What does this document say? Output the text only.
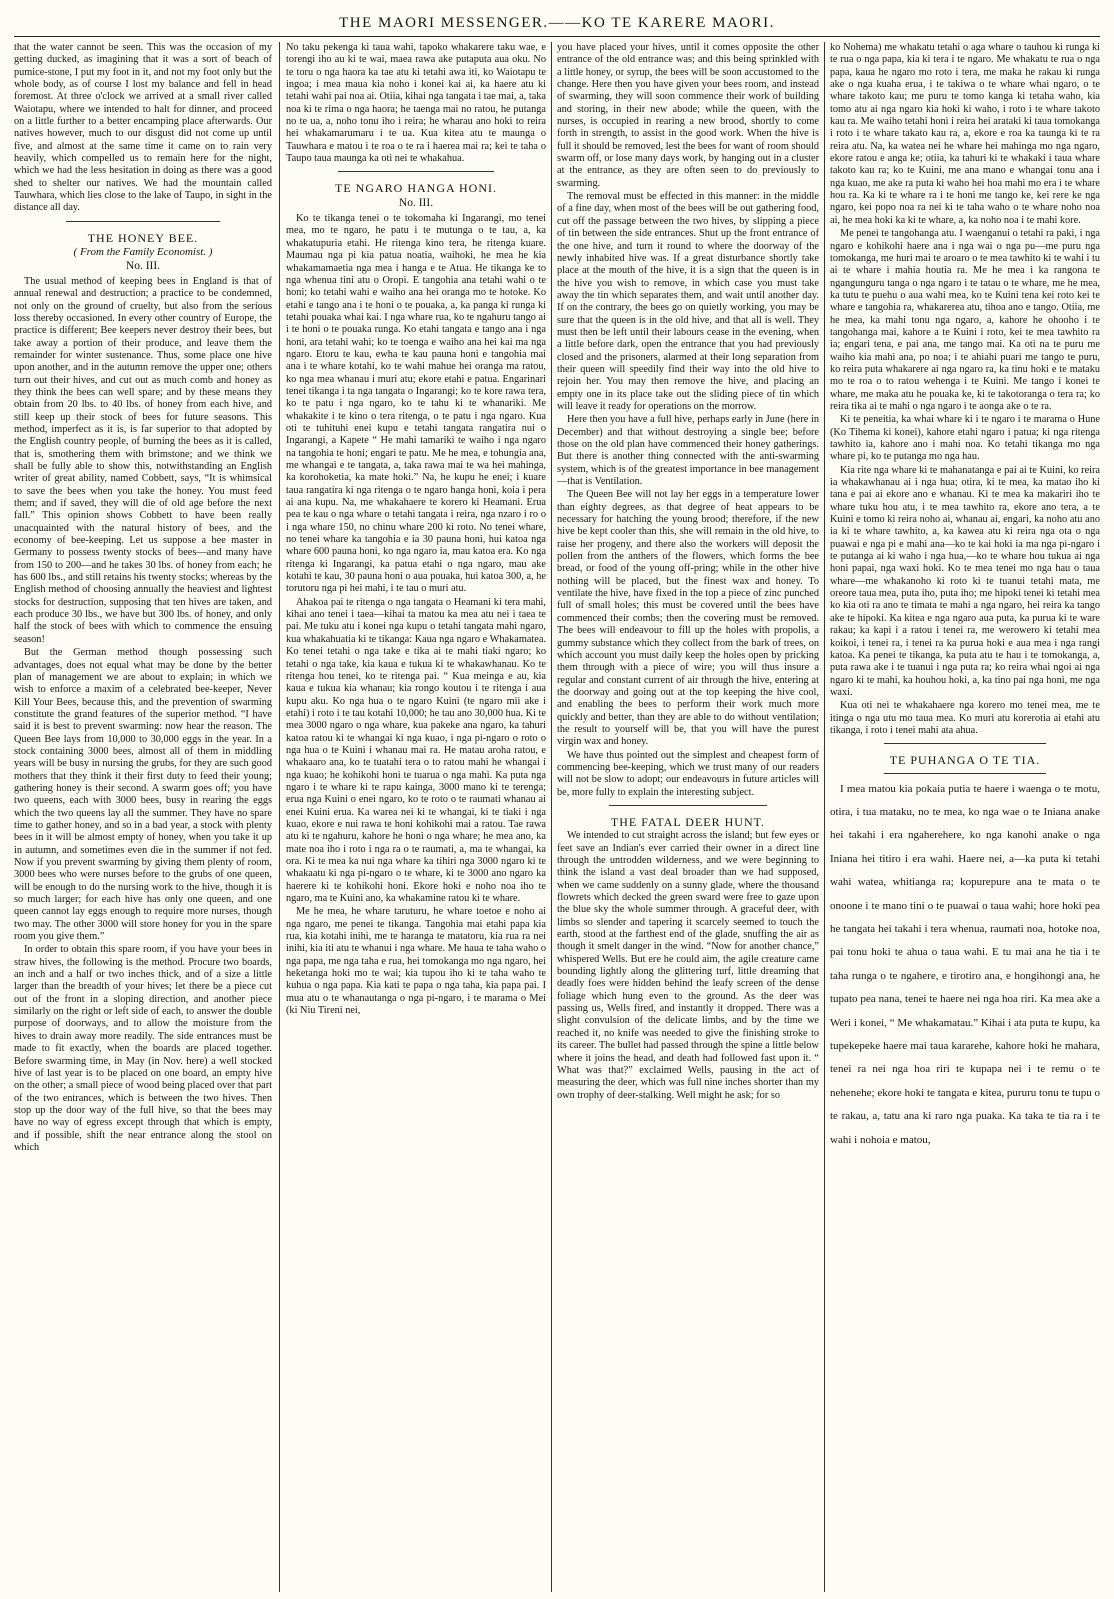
THE MAORI MESSENGER.——KO TE KARERE MAORI.

that the water cannot be seen. This was the occasion of my getting ducked, as imagining that it was a sort of beach of pumice-stone, I put my foot in it, and not my foot only but the whole body, as of course I lost my balance and fell in head foremost. At three o'clock we arrived at a small river called Waiotapu, where we intended to halt for dinner, and proceed on a little further to a better encamping place afterwards. Our natives however, much to our disgust did not come up until five, and almost at the same time it came on to rain very heavily, which compelled us to remain here for the night, which we had the less hesitation in doing as there was a good shed to shelter our natives. We had the mountain called Tauwhara, which lies close to the lake of Taupo, in sight in the distance all day.

THE HONEY BEE.
( From the Family Economist. )
No. III.

The usual method of keeping bees in England is that of annual renewal and destruction; a practice to be condemned, not only on the ground of cruelty, but also from the serious loss thereby occasioned. In every other country of Europe, the practice is different; Bee keepers never destroy their bees, but take away a portion of their produce, and leave them the remainder for winter sustenance. Thus, some place one hive upon another, and in the autumn remove the upper one; others turn out their hives, and cut out as much comb and honey as they think the bees can well spare; and by these means they obtain from 20 lbs. to 40 lbs. of honey from each hive, and still keep up their stock of bees for future seasons. This method, imperfect as it is, is far superior to that adopted by the English country people, of burning the bees as it is called, that is, smothering them with brimstone; and we think we shall be fully able to show this, notwithstanding an English writer of great ability, named Cobbett, says, “It is whimsical to save the bees when you take the honey. You must feed them; and if saved, they will die of old age before the next fall.” This opinion shows Cobbett to have been really unacquainted with the natural history of bees, and the economy of bee-keeping. Let us suppose a bee master in Germany to possess twenty stocks of bees—and many have from 150 to 200—and he takes 30 lbs. of honey from each; he has 600 lbs., and still retains his twenty stocks; whereas by the English method of choosing annually the heaviest and lightest stocks for destruction, supposing that ten hives are taken, and each produce 30 lbs., we have but 300 lbs. of honey, and only half the stock of bees with which to commence the ensuing season!

But the German method though possessing such advantages, does not equal what may be done by the better plan of management we are about to explain; in which we wish to enforce a maxim of a celebrated bee-keeper, Never Kill Your Bees, because this, and the prevention of swarming constitute the grand features of the superior method. “I have said it is best to prevent swarming: now hear the reason. The Queen Bee lays from 10,000 to 30,000 eggs in the year. In a stock containing 3000 bees, almost all of them in middling years will be busy in nursing the grubs, for they are such good mothers that they think it their first duty to feed their young; gathering honey is their second. A swarm goes off; you have two queens, each with 3000 bees, busy in rearing the eggs which the two queens lay all the summer. They have no spare time to gather honey, and so in a bad year, a stock with plenty bees in it will be almost empty of honey, when you take it up in autumn, and sometimes even die in the summer if not fed. Now if you prevent swarming by giving them plenty of room, 3000 bees who were nurses before to the grubs of one queen, will be enough to do the nursing work to the hive, though it is so much larger; for each hive has only one queen, and one queen cannot lay eggs enough to require more nurses, though two may. The other 3000 will store honey for you in the spare room you give them.”

In order to obtain this spare room, if you have your bees in straw hives, the following is the method. Procure two boards, an inch and a half or two inches thick, and of a size a little larger than the breadth of your hives; let there be a piece cut out of the front in a sloping direction, and another piece similarly on the right or left side of each, to answer the double purpose of doorways, and to allow the moisture from the hives to drain away more readily. The side entrances must be made to fit exactly, when the boards are placed together. Before swarming time, in May (in Nov. here) a well stocked hive of last year is to be placed on one board, an empty hive on the other; a small piece of wood being placed over that part of the two entrances, which is between the two hives. Then stop up the door way of the full hive, so that the bees may have no way of egress except through that which is empty, and if possible, shift the near entrance along the stool on which

No taku pekenga ki taua wahi, tapoko whakarere taku wae, e torengi iho au ki te wai, maea rawa ake putaputa aua oku. No te toru o nga haora ka tae atu ki tetahi awa iti, ko Waiotapu te ingoa; i mea maua kia noho i konei kai ai, ka haere atu ki tetahi wahi pai noa ai. Otiia, kihai nga tangata i tae mai, a, taka noa ki te rima o nga haora; he taenga mai no ratou, he putanga no te ua, a, noho tonu iho i reira; he wharau ano hoki to reira hei whakamarumaru i te ua. Kua kitea atu te maunga o Tauwhara e matou i te roa o te ra i haerea mai ra; kei te taha o Taupo taua maunga ka oti nei te whakahua.

TE NGARO HANGA HONI.
No. III.

Ko te tikanga tenei o te tokomaha ki Ingarangi, mo tenei mea, mo te ngaro, he patu i te mutunga o te tau, a, ka whakatupuria etahi. He ritenga kino tera, he ritenga kuare. Maumau nga pi kia patua noatia, waihoki, he mea he kia whakamamaetia nga mea i hanga e te Atua. He tikanga ke to nga whenua tini atu o Oropi. E tangohia ana tetahi wahi o te honi; ko tetahi wahi e waiho ana hei oranga mo te hotoke. Ko etahi e tango ana i te honi o te pouaka, a, ka panga ki runga ki tetahi pouaka whai kai. I nga whare rua, ko te ngahuru tango ai i te honi o te pouaka runga. Ko etahi tangata e tango ana i nga honi, ara tetahi wahi; ko te toenga e waiho ana hei kai ma nga ngaro. Etoru te kau, ewha te kau pauna honi e tangohia mai ana i te whare kotahi, ko te wahi mahue hei oranga ma ratou, ko nga mea whanau i muri atu; ekore etahi e patua. Engarinari tenei tikanga i ta nga tangata o Ingarangi; ko te kore rawa tera, ko te patu i nga ngaro, ko te tahu ki te whanariki. Me whakakite i te kino o tera ritenga, o te patu i nga ngaro. Kua oti te tuhituhi enei kupu e tetahi tangata rangatira nui o Ingarangi, a Kapete “ He mahi tamariki te waiho i nga ngaro na tangohia te honi; engari te patu. Me he mea, e tohungia ana, me whangai e te tangata, a, taka rawa mai te wa hei mahinga, ka korohoketia, ka mate hoki.” Na, he kupu he enei; i kuare taua rangatira ki nga ritenga o te ngaro hanga honi, koia i pera ai ana kupu. Na, me whakahaere te korero ki Heamani. Erua pea te kau o nga whare o tetahi tangata i reira, nga nzaro i ro o i nga whare 150, no chinu whare 200 ki roto. No tenei whare, no tenei whare ka tangohia e ia 30 pauna honi, hui katoa nga whare 600 pauna honi, ko nga ngaro ia, mau katoa era. Ko nga ritenga ki Ingarangi, ka patua etahi o nga ngaro, mau ake kotahi te kau, 30 pauna honi o aua pouaka, hui katoa 300, a, he torutoru nga pi hei mahi, i te tau o muri atu.

Ahakoa pai te ritenga o nga tangata o Heamani ki tera mahi, kihai ano tenei i taea—kihai ta matou ka mea atu nei i taea te pai. Me tuku atu i konei nga kupu o tetahi tangata mahi ngaro, kua whakahuatia ki te tikanga: Kaua nga ngaro e Whakamatea. Ko tenei tetahi o nga take e tika ai te mahi tiaki ngaro; ko tetahi o nga take, kia kaua e tukua ki te whakawhanau. Ko te ritenga hou tenei, ko te ritenga pai. “ Kua meinga e au, kia kaua e tukua kia whanau; kia rongo koutou i te ritenga i aua kupu aku. Ko nga hua o te ngaro Kuini (te ngaro mii ake i etahi) i roto i te tau kotahi 10,000; he tau ano 30,000 hua. Ki te mea 3000 ngaro o nga whare, kua pakeke ana ngaro, ka tahuri katoa ratou ki te whangai ki nga kuao, i nga pi-ngaro o roto o nga hua o te Kuini i whanau mai ra. He matau aroha ratou, e whakaaro ana, ko te tuatahi tera o to ratou mahi he whangai i nga kuao; he kohikohi honi te tuarua o nga mahi. Ka puta nga ngaro i te whare ki te rapu kainga, 3000 mano ki te terenga; erua nga Kuini o enei ngaro, ko te roto o te raumati whanau ai enei Kuini erua. Ka warea nei ki te whangai, ki te tiaki i nga kuao, ekore e nui rawa te honi kohikohi mai a ratou. Tae rawa atu ki te ngahuru, kahore he honi o nga whare; he mea ano, ka mate noa iho i roto i nga ra o te raumati, a, ma te whangai, ka ora. Ki te mea ka nui nga whare ka tihiri nga 3000 ngaro ki te whakaatu ki nga pi-ngaro o te whare, ki te 3000 ano ngaro ka haerere ki te kohikohi honi. Ekore hoki e noho noa iho te ngaro, ma te Kuini ano, ka whakamine ratou ki te whare.

Me he mea, he whare taruturu, he whare toetoe e noho ai nga ngaro, me penei te tikanga. Tangohia mai etahi papa kia rua, kia kotahi inihi, me te haranga te matatoru, kia rua ra nei inihi, kia iti atu te whanui i nga whare. Me haua te taha waho o nga papa, me nga taha e rua, hei tomokanga mo nga ngaro, hei heketanga hoki mo te wai; kia tupou iho ki te taha waho te kuhua o nga papa. Kia kati te papa o nga taha, kia papa pai. I mua atu o te whanautanga o nga pi-ngaro, i te marama o Mei (ki Niu Tireni nei,

you have placed your hives, until it comes opposite the other entrance of the old entrance was; and this being sprinkled with a little honey, or syrup, the bees will be soon accustomed to the change. Here then you have given your bees room, and instead of swarming, they will soon commence their work of building and storing, in their new abode; while the queen, with the nurses, is occupied in rearing a new brood, shortly to come forth in strength, to assist in the good work. When the hive is full it should be removed, lest the bees for want of room should swarm off, or lose many days work, by hanging out in a cluster at the entrance, as they are often seen to do previously to swarming.

The removal must be effected in this manner: in the middle of a fine day, when most of the bees will be out gathering food, cut off the passage between the two hives, by slipping a piece of tin between the side entrances. Shut up the front entrance of the one hive, and turn it round to where the doorway of the newly inhabited hive was. If a great disturbance shortly take place at the mouth of the hive, it is a sign that the queen is in the hive you wish to remove, in which case you must take away the tin which separates them, and wait until another day. If on the contrary, the bees go on quietly working, you may be sure that the queen is in the old hive, and that all is well. They must then be left until their labours cease in the evening, when a little before dark, open the entrance that you had previously closed and the prisoners, alarmed at their long separation from their queen will speedily find their way into the old hive to rejoin her. You may then remove the hive, and placing an empty one in its place take out the sliding piece of tin which will leave it ready for operations on the morrow.

Here then you have a full hive, perhaps early in June (here in December) and that without destroying a single bee; before those on the old plan have commenced their honey gatherings. But there is another thing connected with the anti-swarming system, which is of the greatest importance in bee management—that is Ventilation.

The Queen Bee will not lay her eggs in a temperature lower than eighty degrees, as that degree of heat appears to be necessary for hatching the young brood; therefore, if the new hive be kept cooler than this, she will remain in the old hive, to raise her progeny, and there also the workers will deposit the pollen from the anthers of the flowers, which forms the bee bread, or food of the young off-pring; while in the other hive nothing will be placed, but the finest wax and honey. To ventilate the hive, have fixed in the top a piece of zinc punched full of small holes; this must be covered until the bees have commenced their combs; then the covering must be removed. The bees will endeavour to fill up the holes with propolis, a gummy substance which they collect from the bark of trees, on which account you must daily keep the holes open by pricking them through with a piece of wire; you will thus insure a regular and constant current of air through the hive, entering at the doorway and going out at the top keeping the hive cool, and enabling the bees to perform their work much more quickly and better, than they are able to do without ventilation; the result to yourself will be, that you will have the purest virgin wax and honey.

We have thus pointed out the simplest and cheapest form of commencing bee-keeping, which we trust many of our readers will not be slow to adopt; our endeavours in future articles will be, more fully to explain the interesting subject.

THE FATAL DEER HUNT.

We intended to cut straight across the island; but few eyes or feet save an Indian's ever carried their owner in a direct line through the untrodden wilderness, and we were beginning to think the island a vast deal broader than we had supposed, when we came suddenly on a sunny glade, where the thousand flowrets which decked the green sward were free to gaze upon the blue sky the whole summer through. A graceful deer, with limbs so slender and tapering it scarcely seemed to touch the earth, stood at the farthest end of the glade, snuffing the air as though it smelt danger in the wind. “Now for another chance,” whispered Wells. But ere he could aim, the agile creature came bounding lightly along the glittering turf, little dreaming that deadly foes were hidden behind the leafy screen of the dense foliage which hung even to the ground. As the deer was passing us, Wells fired, and instantly it dropped. There was a slight convulsion of the delicate limbs, and by the time we reached it, no knife was needed to give the finishing stroke to its career. The bullet had passed through the spine a little below where it joins the head, and death had followed fast upon it. “ What was that?” exclaimed Wells, pausing in the act of measuring the deer, which was full nine inches shorter than my own trophy of deer-stalking. Well might he ask; for so

ko Nohema) me whakatu tetahi o aga whare o tauhou ki runga ki te rua o nga papa, kia ki tera i te ngaro. Me whakatu te rua o nga papa, kaua he ngaro mo roto i tera, me maka he rakau ki runga ake o nga kuaha erua, i te takiwa o te whare whai ngaro, o te whare takoto kau; me puru te tomo kanga ki tetaha waho, kia tomo atu ai nga ngaro kia hoki ki waho, i roto i te whare takoto kau ra. Me waiho tetahi honi i reira hei arataki ki taua tomokanga i roto i te whare takato kau ra, a, ekore e roa ka taunga ki te ra reira atu. Na, ka watea nei he whare hei mahinga mo nga ngaro, ekore ratou e anga ke; otiia, ka tahuri ki te whakaki i taua whare takoto kau ra; ko te Kuini, me ana mano e whangai tonu ana i nga kuao, me ake ra puta ki waho hei hoa mahi mo era i te whare hou ra. Ka ki te whare ra i te honi me tango ke, kei rere ke nga ngaro, kei popo noa ra nei ki te taha waho o te whare noho noa ai, he mea hoki ka ki te whare, a, ka noho noa i te mahi kore.

Me penei te tangohanga atu. I waenganui o tetahi ra paki, i nga ngaro e kohikohi haere ana i nga wai o nga pu—me puru nga tomokanga, me huri mai te aroaro o te mea tawhito ki te wahi i tu ai te whare i mahia houtia ra. Me he mea i ka rangona te ngangunguru tanga o nga ngaro i te tatau o te whare, me he mea, ka tutu te puehu o aua wahi mea, ko te Kuini tena kei roto kei te whare e tangohia ra, whakarerea atu, tihoa ano e tango. Otiia, me he mea, ka mahi tonu nga ngaro, a, kahore he ohooho i te tangohanga mai, kahore a te Kuini i roto, kei te mea tawhito ra ia; engari tena, e pai ana, me tango mai. Ka oti na te puru me waiho kia mahi ana, po noa; i te ahiahi puari me tango te puru, ko reira puta whakarere ai nga ngaro ra, ka tinu hoki e te mataku mo te roa o to ratou wehenga i te Kuini. Me tango i konei te whare, me maka atu he pouaka ke, ki te takotoranga o tera ra; ko reira tika ai te mahi o nga ngaro i te aonga ake o te ra.

Ki te peneitia, ka whai whare ki i te ngaro i te marama o Hune (Ko Tihema ki konei), kahore etahi ngaro i patua; ki nga ritenga tawhito ia, kahore ano i mahi noa. Ko tetahi tikanga mo nga whare pi, ko te putanga mo nga hau.

Kia rite nga whare ki te mahanatanga e pai ai te Kuini, ko reira ia whakawhanau ai i nga hua; otira, ki te mea, ka matao iho ki tana e pai ai ekore ano e whanau. Ki te mea ka makariri iho te whare tuku hou atu, i te mea tawhito ra, ekore ano tera, a te Kuini e tomo ki reira noho ai, whanau ai, engari, ka noho atu ano ia ki te whare tawhito, a, ka kawea atu ki reira nga ota o nga puawai e nga pi e mahi ana—ko te kai hoki ia ma nga pi-ngaro i te putanga ai ki waho i nga hua,—ko te whare hou tukua ai nga honi papai, nga waxi hoki. Ko te mea tenei mo nga hau o taua whare—me whakanoho ki roto ki te tuanui tetahi mata, me oreore taua mea, puta iho, puta iho; me hipoki tenei ki tetahi mea ko kia oti ra ano te timata te mahi a nga ngaro, hei reira ka tango ake te hipoki. Ka kitea e nga ngaro aua puta, ka purua ki te ware rakau; ka kapi i a ratou i tenei ra, me werowero ki tetahi mea koikoi, i tenei ra, i tenei ra ka purua hoki e aua mea i nga rangi katoa. Ka penei te tikanga, ka puta atu te hau i te tomokanga, a, puta rawa ake i te tuanui i nga puta ra; ko reira whai ngoi ai nga ngaro ki te mahi, ka houhou hoki, a, ka tino pai nga honi, me nga waxi.

Kua oti nei te whakahaere nga korero mo tenei mea, me te itinga o nga utu mo taua mea. Ko muri atu korerotia ai etahi atu tikanga, i roto i tenei mahi ata ahua.

TE PUHANGA O TE TIA.

I mea matou kia pokaia putia te haere i waenga o te motu, otira, i tua mataku, no te mea, ko nga wae o te Iniana anake hei takahi i era ngaherehere, ko nga kanohi anake o nga Iniana hei titiro i era wahi. Haere nei, a—ka puta ki tetahi wahi watea, whitianga ra; kopurepure ana te mata o te onoone i te mano tini o te puawai o taua wahi; hore hoki pea he tangata hei takahi i tera whenua, raumati noa, hotoke noa, pai tonu hoki te ahua o taua wahi. E tu mai ana he tia i te taha runga o te ngahere, e tirotiro ana, e hongihongi ana, he tupato pea nana, tenei te haere nei nga hoa riri. Ka mea ake a Weri i konei, “ Me whakamatau.” Kihai i ata puta te kupu, ka tupekepeke haere mai taua kararehe, kahore hoki he mahara, tenei ra nei nga hoa riri te kupapa nei i te remu o te nehenehe; ekore hoki te tangata e kitea, pururu tonu te tupu o te rakau, a, tatu ana ki raro nga puaka. Ka taka te tia ra i te wahi i nohoia e matou,
